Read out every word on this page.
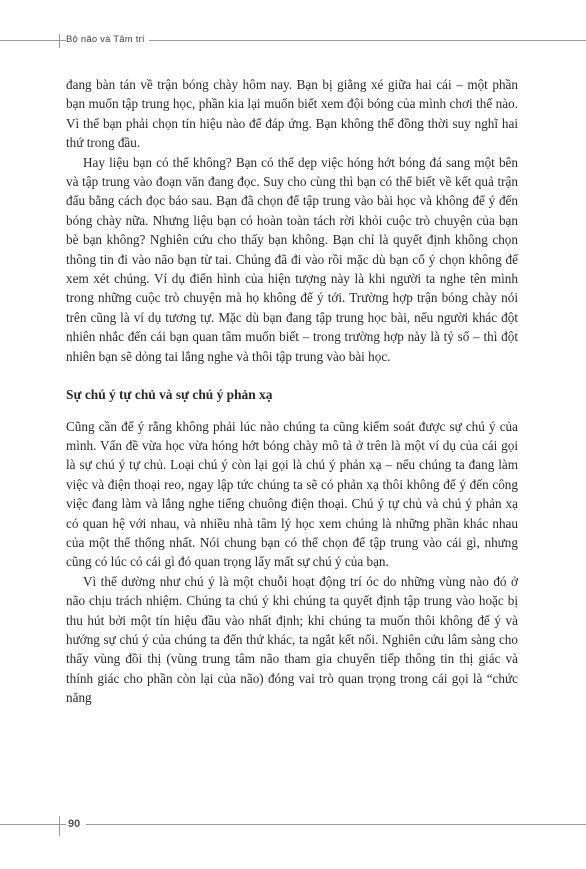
Bộ não và Tâm trí

đang bàn tán về trận bóng chày hôm nay. Bạn bị giằng xé giữa hai cái – một phần bạn muốn tập trung học, phần kia lại muốn biết xem đội bóng của mình chơi thế nào. Vì thế bạn phải chọn tín hiệu nào để đáp ứng. Bạn không thể đồng thời suy nghĩ hai thứ trong đầu.

Hay liệu bạn có thể không? Bạn có thể dẹp việc hóng hớt bóng đá sang một bên và tập trung vào đoạn văn đang đọc. Suy cho cùng thì bạn có thể biết về kết quả trận đấu bằng cách đọc báo sau. Bạn đã chọn để tập trung vào bài học và không để ý đến bóng chày nữa. Nhưng liệu bạn có hoàn toàn tách rời khỏi cuộc trò chuyện của bạn bè bạn không? Nghiên cứu cho thấy bạn không. Bạn chỉ là quyết định không chọn thông tin đi vào não bạn từ tai. Chúng đã đi vào rồi mặc dù bạn cố ý chọn không để xem xét chúng. Ví dụ điển hình của hiện tượng này là khi người ta nghe tên mình trong những cuộc trò chuyện mà họ không để ý tới. Trường hợp trận bóng chày nói trên cũng là ví dụ tương tự. Mặc dù bạn đang tập trung học bài, nếu người khác đột nhiên nhắc đến cái bạn quan tâm muốn biết – trong trường hợp này là tỷ số – thì đột nhiên bạn sẽ dỏng tai lắng nghe và thôi tập trung vào bài học.

Sự chú ý tự chủ và sự chú ý phản xạ

Cũng cần để ý rằng không phải lúc nào chúng ta cũng kiểm soát được sự chú ý của mình. Vấn đề vừa học vừa hóng hớt bóng chày mô tả ở trên là một ví dụ của cái gọi là sự chú ý tự chủ. Loại chú ý còn lại gọi là chú ý phản xạ – nếu chúng ta đang làm việc và điện thoại reo, ngay lập tức chúng ta sẽ có phản xạ thôi không để ý đến công việc đang làm và lắng nghe tiếng chuông điện thoại. Chú ý tự chủ và chú ý phản xạ có quan hệ với nhau, và nhiều nhà tâm lý học xem chúng là những phần khác nhau của một thể thống nhất. Nói chung bạn có thể chọn để tập trung vào cái gì, nhưng cũng có lúc có cái gì đó quan trọng lấy mất sự chú ý của bạn.

Vì thế dường như chú ý là một chuỗi hoạt động trí óc do những vùng nào đó ở não chịu trách nhiệm. Chúng ta chú ý khi chúng ta quyết định tập trung vào hoặc bị thu hút bởi một tín hiệu đầu vào nhất định; khi chúng ta muốn thôi không để ý và hướng sự chú ý của chúng ta đến thứ khác, ta ngắt kết nối. Nghiên cứu lâm sàng cho thấy vùng đồi thị (vùng trung tâm não tham gia chuyển tiếp thông tin thị giác và thính giác cho phần còn lại của não) đóng vai trò quan trọng trong cái gọi là “chức năng

90
